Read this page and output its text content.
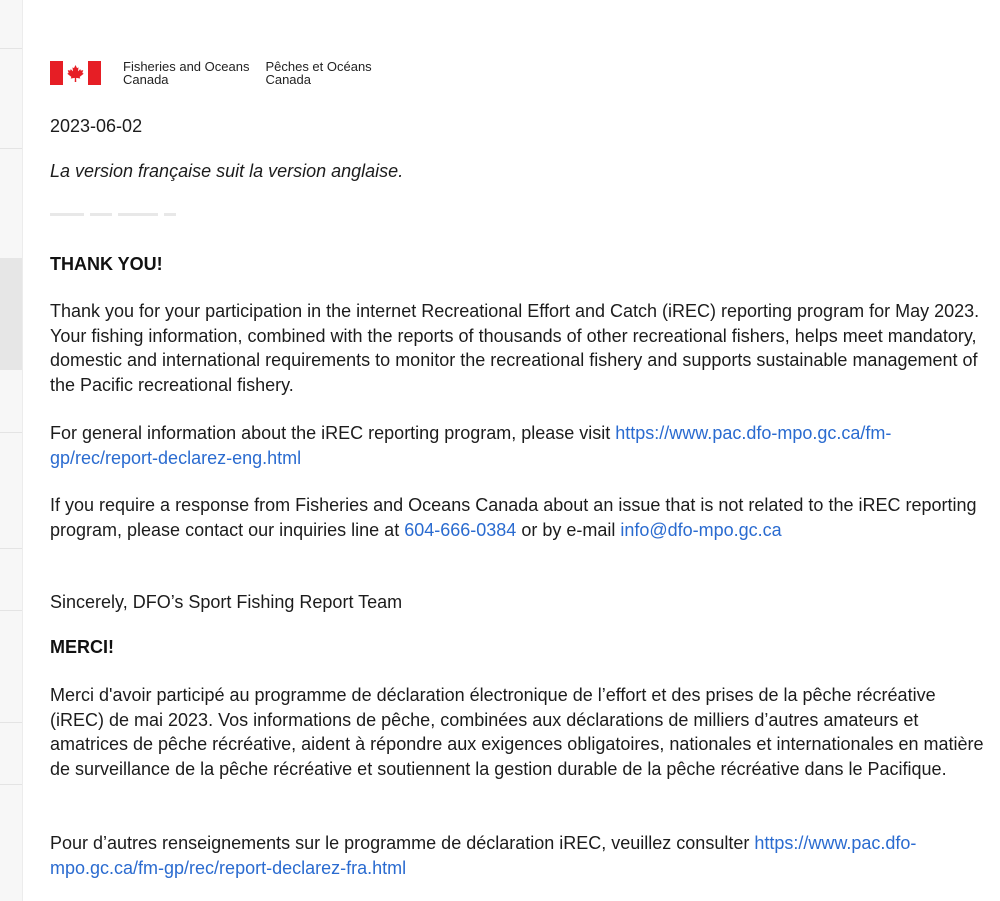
Fisheries and Oceans
Canada
Pêches et Océans
Canada
2023-06-02
La version française suit la version anglaise.
THANK YOU!
Thank you for your participation in the internet Recreational Effort and Catch (iREC) reporting program for May 2023. Your fishing information, combined with the reports of thousands of other recreational fishers, helps meet mandatory, domestic and international requirements to monitor the recreational fishery and supports sustainable management of the Pacific recreational fishery.
For general information about the iREC reporting program, please visit https://www.pac.dfo-mpo.gc.ca/fm-gp/rec/report-declarez-eng.html
If you require a response from Fisheries and Oceans Canada about an issue that is not related to the iREC reporting program, please contact our inquiries line at 604-666-0384 or by e-mail info@dfo-mpo.gc.ca
Sincerely, DFO’s Sport Fishing Report Team
MERCI!
Merci d'avoir participé au programme de déclaration électronique de l’effort et des prises de la pêche récréative (iREC) de mai 2023. Vos informations de pêche, combinées aux déclarations de milliers d’autres amateurs et amatrices de pêche récréative, aident à répondre aux exigences obligatoires, nationales et internationales en matière de surveillance de la pêche récréative et soutiennent la gestion durable de la pêche récréative dans le Pacifique.
Pour d’autres renseignements sur le programme de déclaration iREC, veuillez consulter https://www.pac.dfo-mpo.gc.ca/fm-gp/rec/report-declarez-fra.html
